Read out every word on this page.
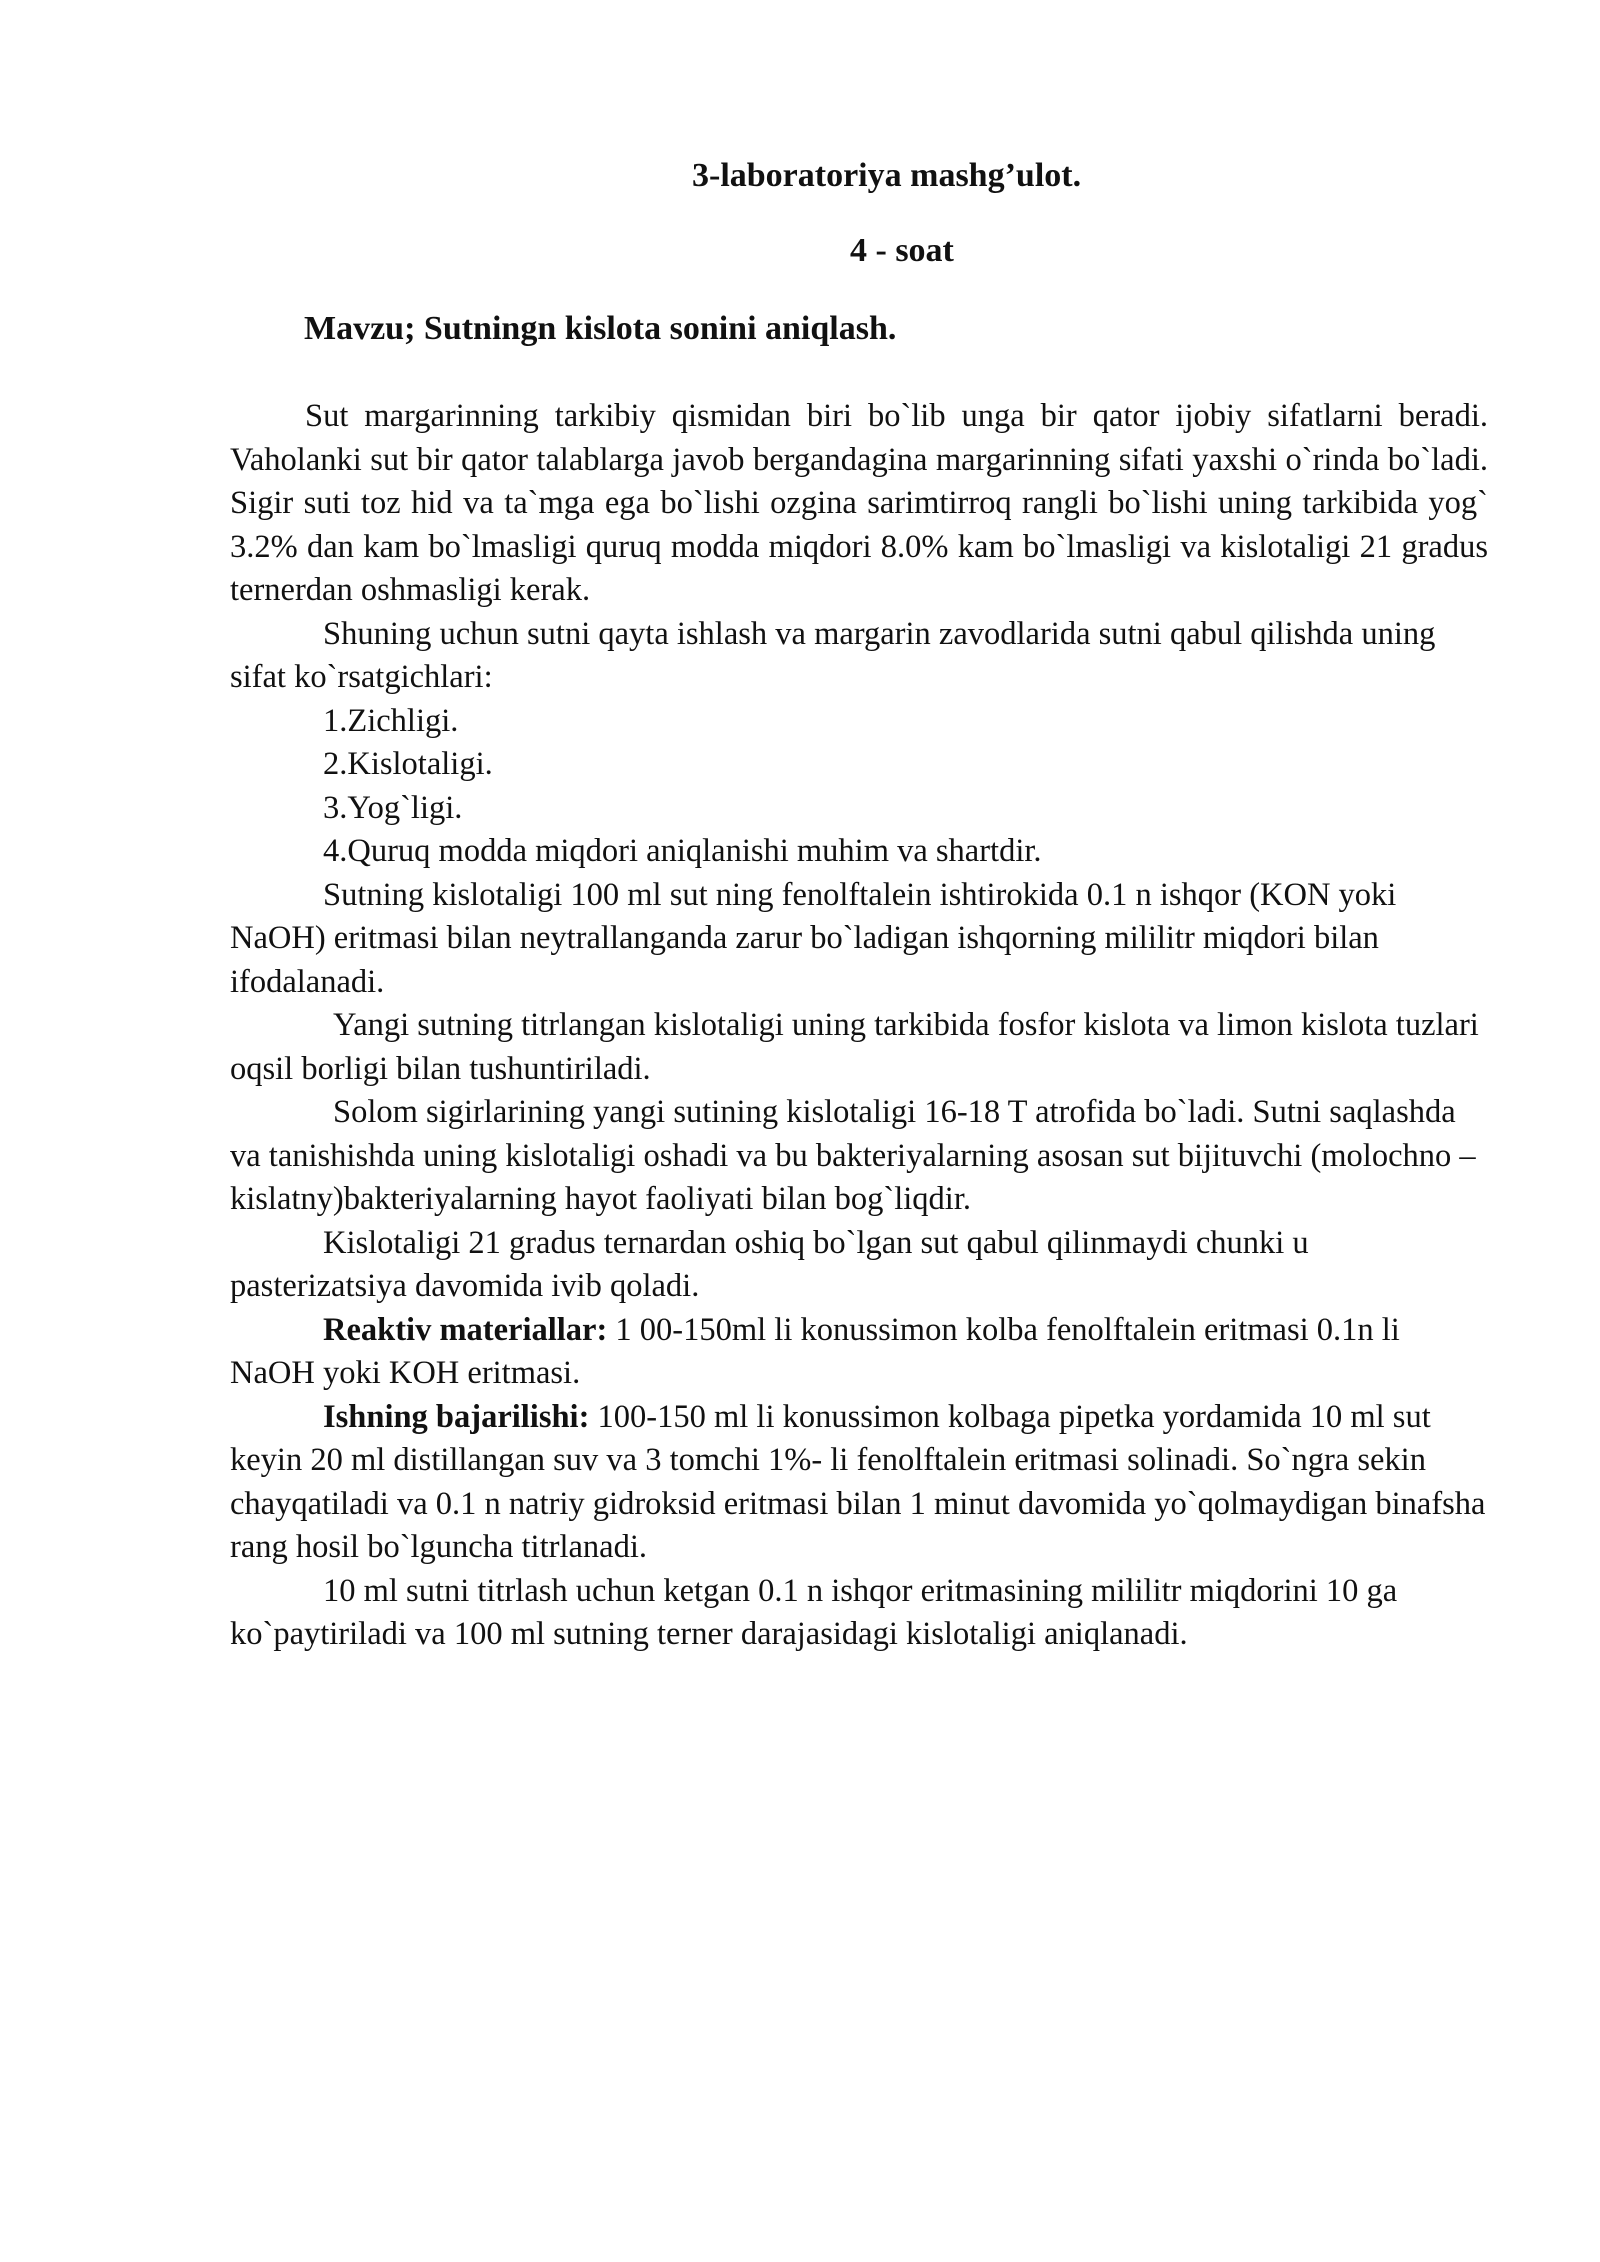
3-laboratoriya mashg’ulot.
4 - soat
Mavzu; Sutningn kislota sonini aniqlash.

Sut margarinning tarkibiy qismidan biri bo`lib unga bir qator ijobiy sifatlarni beradi. Vaholanki sut bir qator talablarga javob bergandagina margarinning sifati yaxshi o`rinda bo`ladi. Sigir suti toz hid va ta`mga ega bo`lishi ozgina sarimtirroq rangli bo`lishi uning tarkibida yog` 3.2% dan kam bo`lmasligi quruq modda miqdori 8.0% kam bo`lmasligi va kislotaligi 21 gradus ternerdan oshmasligi kerak.

Shuning uchun sutni qayta ishlash va margarin zavodlarida sutni qabul qilishda uning sifat ko`rsatgichlari:

1.Zichligi.

2.Kislotaligi.

3.Yog`ligi.

4.Quruq modda miqdori aniqlanishi muhim va shartdir.

Sutning kislotaligi 100 ml sut ning fenolftalein ishtirokida 0.1 n ishqor (KON yoki NaOH) eritmasi bilan neytrallanganda zarur bo`ladigan ishqorning mililitr miqdori bilan ifodalanadi.

Yangi sutning titrlangan kislotaligi uning tarkibida fosfor kislota va limon kislota tuzlari oqsil borligi bilan tushuntiriladi.

Solom sigirlarining yangi sutining kislotaligi 16-18 T atrofida bo`ladi. Sutni saqlashda va tanishishda uning kislotaligi oshadi va bu bakteriyalarning asosan sut bijituvchi (molochno – kislatny)bakteriyalarning hayot faoliyati bilan bog`liqdir.

Kislotaligi 21 gradus ternardan oshiq bo`lgan sut qabul qilinmaydi chunki u pasterizatsiya davomida ivib qoladi.

Reaktiv materiallar: 1 00-150ml li konussimon kolba fenolftalein eritmasi 0.1n li NaOH yoki KOH eritmasi.

Ishning bajarilishi: 100-150 ml li konussimon kolbaga pipetka yordamida 10 ml sut keyin 20 ml distillangan suv va 3 tomchi 1%- li fenolftalein eritmasi solinadi. So`ngra sekin chayqatiladi va 0.1 n natriy gidroksid eritmasi bilan 1 minut davomida yo`qolmaydigan binafsha rang hosil bo`lguncha titrlanadi.

10 ml sutni titrlash uchun ketgan 0.1 n ishqor eritmasining mililitr miqdorini 10 ga ko`paytiriladi va 100 ml sutning terner darajasidagi kislotaligi aniqlanadi.
